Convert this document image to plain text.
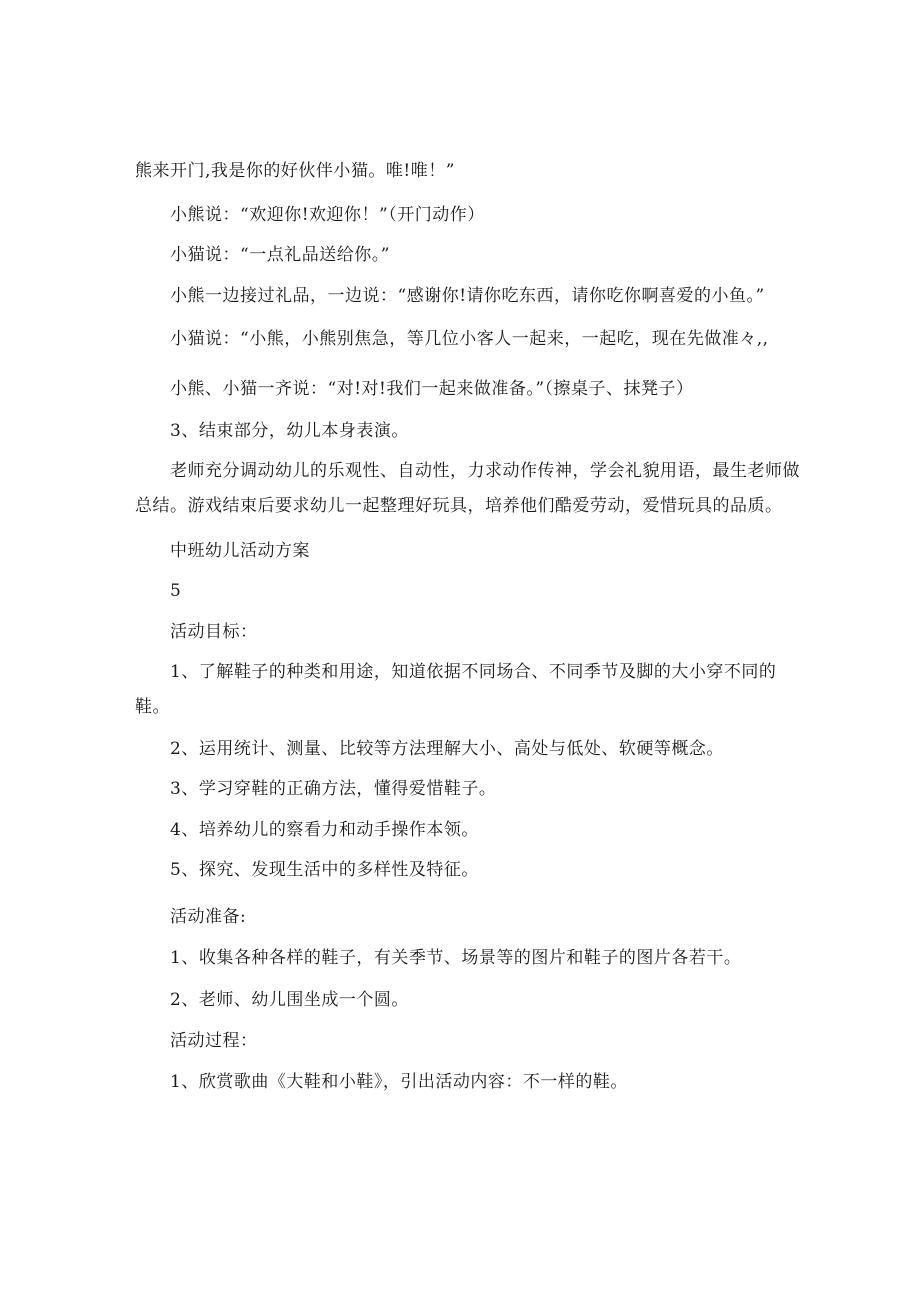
熊来开门,我是你的好伙伴小猫。唯!唯！”
小熊说：“欢迎你!欢迎你！”（开门动作）
小猫说：“一点礼品送给你。”
小熊一边接过礼品，一边说：“感谢你!请你吃东西，请你吃你啊喜爱的小鱼。”
小猫说：“小熊，小熊别焦急，等几位小客人一起来，一起吃，现在先做准々,,
小熊、小猫一齐说：“对!对!我们一起来做准备。”（擦桌子、抹凳子）
3、结束部分，幼儿本身表演。
老师充分调动幼儿的乐观性、自动性，力求动作传神，学会礼貌用语，最生老师做
总结。游戏结束后要求幼儿一起整理好玩具，培养他们酷爱劳动，爱惜玩具的品质。
中班幼儿活动方案
5
活动目标：
1、了解鞋子的种类和用途，知道依据不同场合、不同季节及脚的大小穿不同的
鞋。
2、运用统计、测量、比较等方法理解大小、高处与低处、软硬等概念。
3、学习穿鞋的正确方法，懂得爱惜鞋子。
4、培养幼儿的察看力和动手操作本领。
5、探究、发现生活中的多样性及特征。
活动准备:
1、收集各种各样的鞋子，有关季节、场景等的图片和鞋子的图片各若干。
2、老师、幼儿围坐成一个圆。
活动过程：
1、欣赏歌曲《大鞋和小鞋》，引出活动内容：不一样的鞋。
